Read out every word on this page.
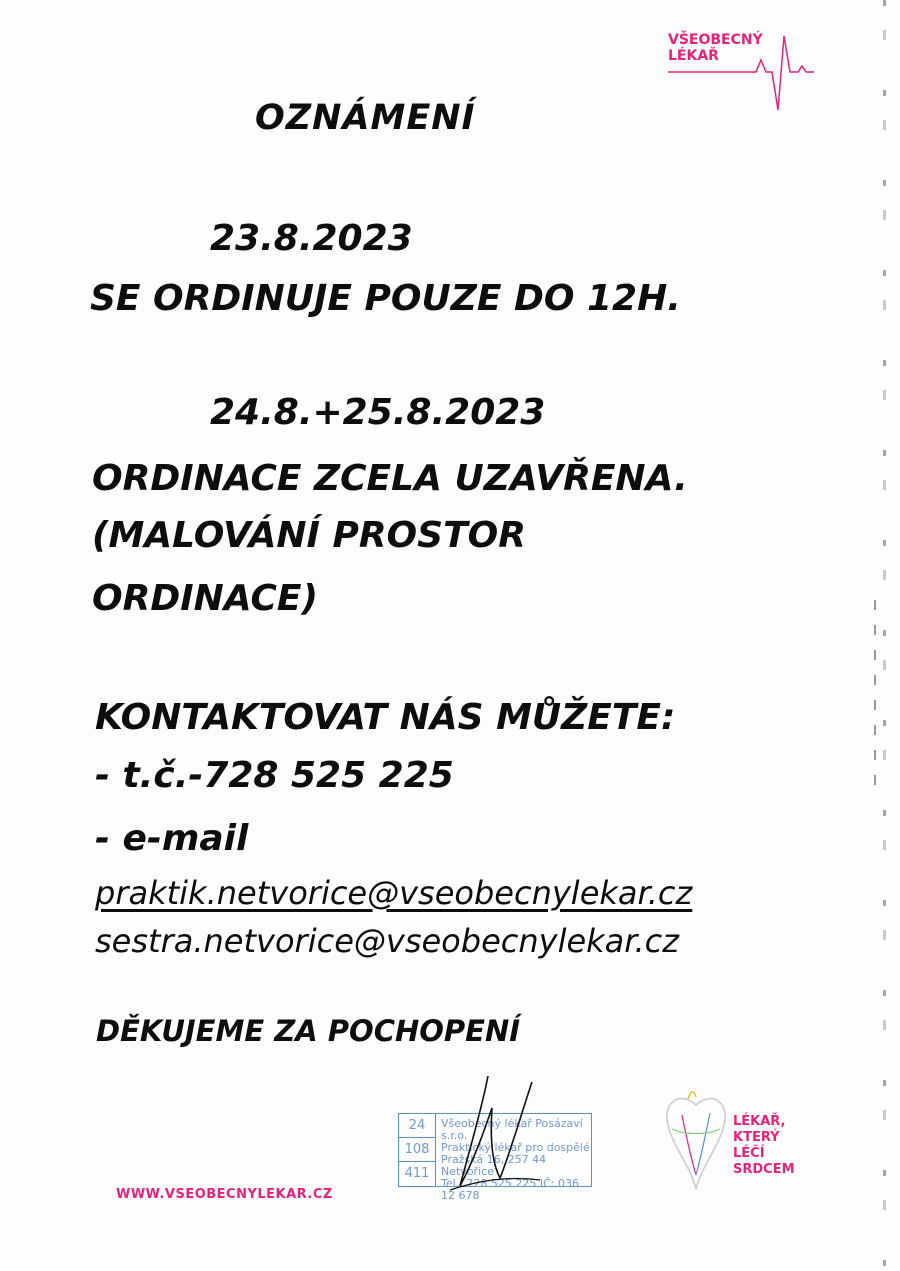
VŠEOBECNÝ
LÉKAŘ
OZNÁMENÍ
23.8.2023
SE ORDINUJE POUZE DO 12H.
24.8.+25.8.2023
ORDINACE ZCELA UZAVŘENA.
(MALOVÁNÍ PROSTOR
ORDINACE)
KONTAKTOVAT NÁS MŮŽETE:
- t.č.-728 525 225
- e-mail
praktik.netvorice@vseobecnylekar.cz
sestra.netvorice@vseobecnylekar.cz
DĚKUJEME ZA POCHOPENÍ
24
108
411
Všeobecný lékař Posázaví s.r.o.
Praktický lékař pro dospělé
Pražská 16, 257 44 Netvořice
Tel.: 728 525 225 IČ: 036 12 678
WWW.VSEOBECNYLEKAR.CZ
LÉKAŘ,
KTERÝ
LÉČÍ
SRDCEM
